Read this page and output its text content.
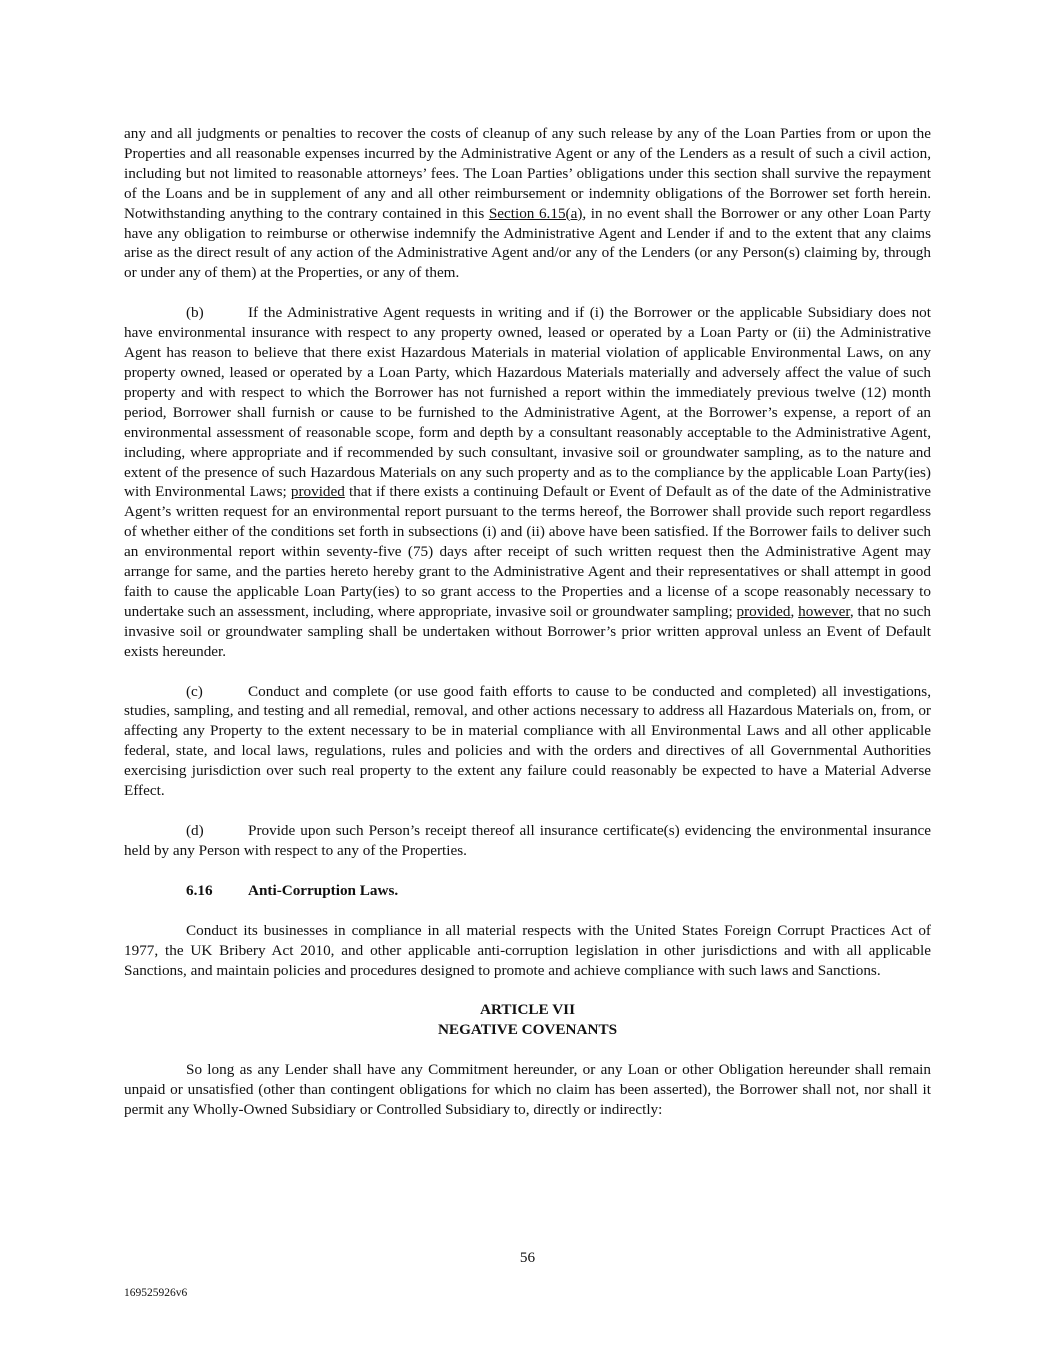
any and all judgments or penalties to recover the costs of cleanup of any such release by any of the Loan Parties from or upon the Properties and all reasonable expenses incurred by the Administrative Agent or any of the Lenders as a result of such a civil action, including but not limited to reasonable attorneys’ fees. The Loan Parties’ obligations under this section shall survive the repayment of the Loans and be in supplement of any and all other reimbursement or indemnity obligations of the Borrower set forth herein. Notwithstanding anything to the contrary contained in this Section 6.15(a), in no event shall the Borrower or any other Loan Party have any obligation to reimburse or otherwise indemnify the Administrative Agent and Lender if and to the extent that any claims arise as the direct result of any action of the Administrative Agent and/or any of the Lenders (or any Person(s) claiming by, through or under any of them) at the Properties, or any of them.

(b)	If the Administrative Agent requests in writing and if (i) the Borrower or the applicable Subsidiary does not have environmental insurance with respect to any property owned, leased or operated by a Loan Party or (ii) the Administrative Agent has reason to believe that there exist Hazardous Materials in material violation of applicable Environmental Laws, on any property owned, leased or operated by a Loan Party, which Hazardous Materials materially and adversely affect the value of such property and with respect to which the Borrower has not furnished a report within the immediately previous twelve (12) month period, Borrower shall furnish or cause to be furnished to the Administrative Agent, at the Borrower’s expense, a report of an environmental assessment of reasonable scope, form and depth by a consultant reasonably acceptable to the Administrative Agent, including, where appropriate and if recommended by such consultant, invasive soil or groundwater sampling, as to the nature and extent of the presence of such Hazardous Materials on any such property and as to the compliance by the applicable Loan Party(ies) with Environmental Laws; provided that if there exists a continuing Default or Event of Default as of the date of the Administrative Agent’s written request for an environmental report pursuant to the terms hereof, the Borrower shall provide such report regardless of whether either of the conditions set forth in subsections (i) and (ii) above have been satisfied. If the Borrower fails to deliver such an environmental report within seventy-five (75) days after receipt of such written request then the Administrative Agent may arrange for same, and the parties hereto hereby grant to the Administrative Agent and their representatives or shall attempt in good faith to cause the applicable Loan Party(ies) to so grant access to the Properties and a license of a scope reasonably necessary to undertake such an assessment, including, where appropriate, invasive soil or groundwater sampling; provided, however, that no such invasive soil or groundwater sampling shall be undertaken without Borrower’s prior written approval unless an Event of Default exists hereunder.

(c)	Conduct and complete (or use good faith efforts to cause to be conducted and completed) all investigations, studies, sampling, and testing and all remedial, removal, and other actions necessary to address all Hazardous Materials on, from, or affecting any Property to the extent necessary to be in material compliance with all Environmental Laws and all other applicable federal, state, and local laws, regulations, rules and policies and with the orders and directives of all Governmental Authorities exercising jurisdiction over such real property to the extent any failure could reasonably be expected to have a Material Adverse Effect.

(d)	Provide upon such Person’s receipt thereof all insurance certificate(s) evidencing the environmental insurance held by any Person with respect to any of the Properties.

6.16 Anti-Corruption Laws.

Conduct its businesses in compliance in all material respects with the United States Foreign Corrupt Practices Act of 1977, the UK Bribery Act 2010, and other applicable anti-corruption legislation in other jurisdictions and with all applicable Sanctions, and maintain policies and procedures designed to promote and achieve compliance with such laws and Sanctions.

ARTICLE VII
NEGATIVE COVENANTS

So long as any Lender shall have any Commitment hereunder, or any Loan or other Obligation hereunder shall remain unpaid or unsatisfied (other than contingent obligations for which no claim has been asserted), the Borrower shall not, nor shall it permit any Wholly-Owned Subsidiary or Controlled Subsidiary to, directly or indirectly:

56
169525926v6
